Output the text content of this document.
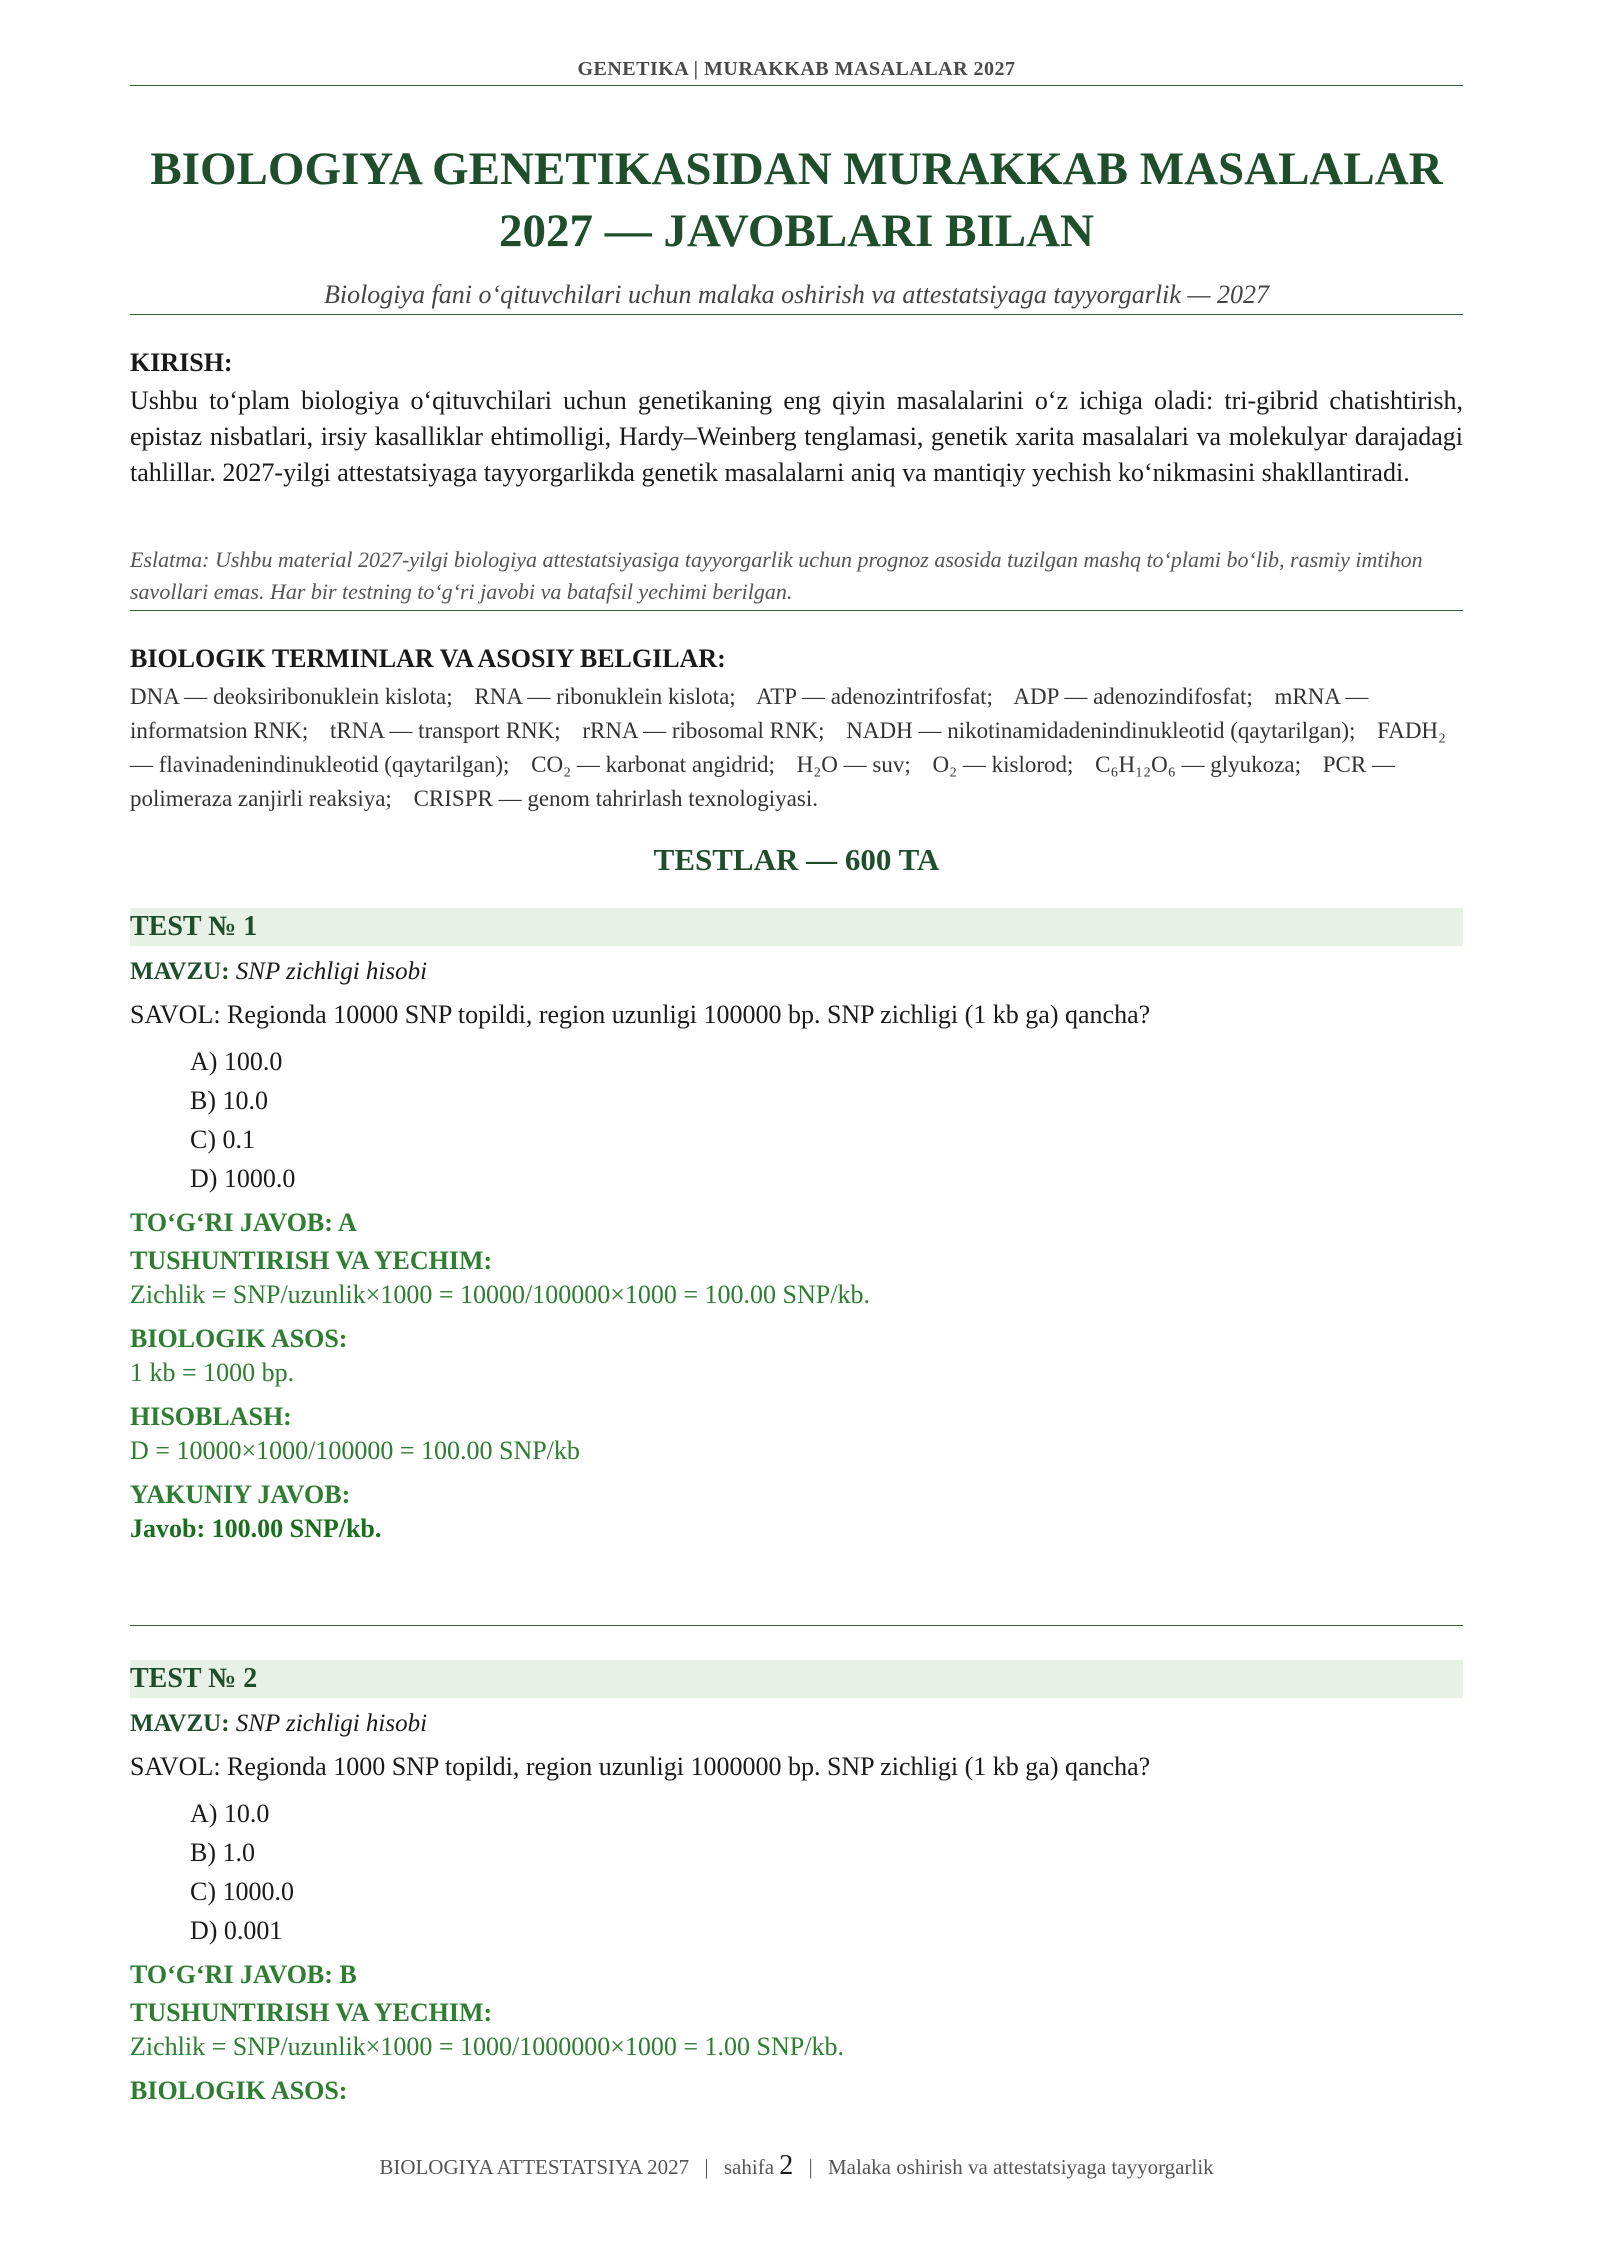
GENETIKA | MURAKKAB MASALALAR 2027
BIOLOGIYA GENETIKASIDAN MURAKKAB MASALALAR
2027 — JAVOBLARI BILAN
Biologiya fani o‘qituvchilari uchun malaka oshirish va attestatsiyaga tayyorgarlik — 2027
KIRISH:
Ushbu to‘plam biologiya o‘qituvchilari uchun genetikaning eng qiyin masalalarini o‘z ichiga oladi: tri-gibrid chatishtirish, epistaz nisbatlari, irsiy kasalliklar ehtimolligi, Hardy–Weinberg tenglamasi, genetik xarita masalalari va molekulyar darajadagi tahlillar. 2027-yilgi attestatsiyaga tayyorgarlikda genetik masalalarni aniq va mantiqiy yechish ko‘nikmasini shakllantiradi.
Eslatma: Ushbu material 2027-yilgi biologiya attestatsiyasiga tayyorgarlik uchun prognoz asosida tuzilgan mashq to‘plami bo‘lib, rasmiy imtihon savollari emas. Har bir testning to‘g‘ri javobi va batafsil yechimi berilgan.
BIOLOGIK TERMINLAR VA ASOSIY BELGILAR:
DNA — deoksiribonuklein kislota; RNA — ribonuklein kislota; ATP — adenozintrifosfat; ADP — adenozindifosfat; mRNA — informatsion RNK; tRNA — transport RNK; rRNA — ribosomal RNK; NADH — nikotinamidadenindinukleotid (qaytarilgan); FADH₂ — flavinadenindinukleotid (qaytarilgan); CO₂ — karbonat angidrid; H₂O — suv; O₂ — kislorod; C₆H₁₂O₆ — glyukoza; PCR — polimeraza zanjirli reaksiya; CRISPR — genom tahrirlash texnologiyasi.
TESTLAR — 600 TA
TEST № 1
MAVZU: SNP zichligi hisobi
SAVOL: Regionda 10000 SNP topildi, region uzunligi 100000 bp. SNP zichligi (1 kb ga) qancha?
A) 100.0
B) 10.0
C) 0.1
D) 1000.0
TO‘G‘RI JAVOB: A
TUSHUNTIRISH VA YECHIM:
Zichlik = SNP/uzunlik×1000 = 10000/100000×1000 = 100.00 SNP/kb.
BIOLOGIK ASOS:
1 kb = 1000 bp.
HISOBLASH:
D = 10000×1000/100000 = 100.00 SNP/kb
YAKUNIY JAVOB:
Javob: 100.00 SNP/kb.
TEST № 2
MAVZU: SNP zichligi hisobi
SAVOL: Regionda 1000 SNP topildi, region uzunligi 1000000 bp. SNP zichligi (1 kb ga) qancha?
A) 10.0
B) 1.0
C) 1000.0
D) 0.001
TO‘G‘RI JAVOB: B
TUSHUNTIRISH VA YECHIM:
Zichlik = SNP/uzunlik×1000 = 1000/1000000×1000 = 1.00 SNP/kb.
BIOLOGIK ASOS:
BIOLOGIYA ATTESTATSIYA 2027 | sahifa 2 | Malaka oshirish va attestatsiyaga tayyorgarlik
